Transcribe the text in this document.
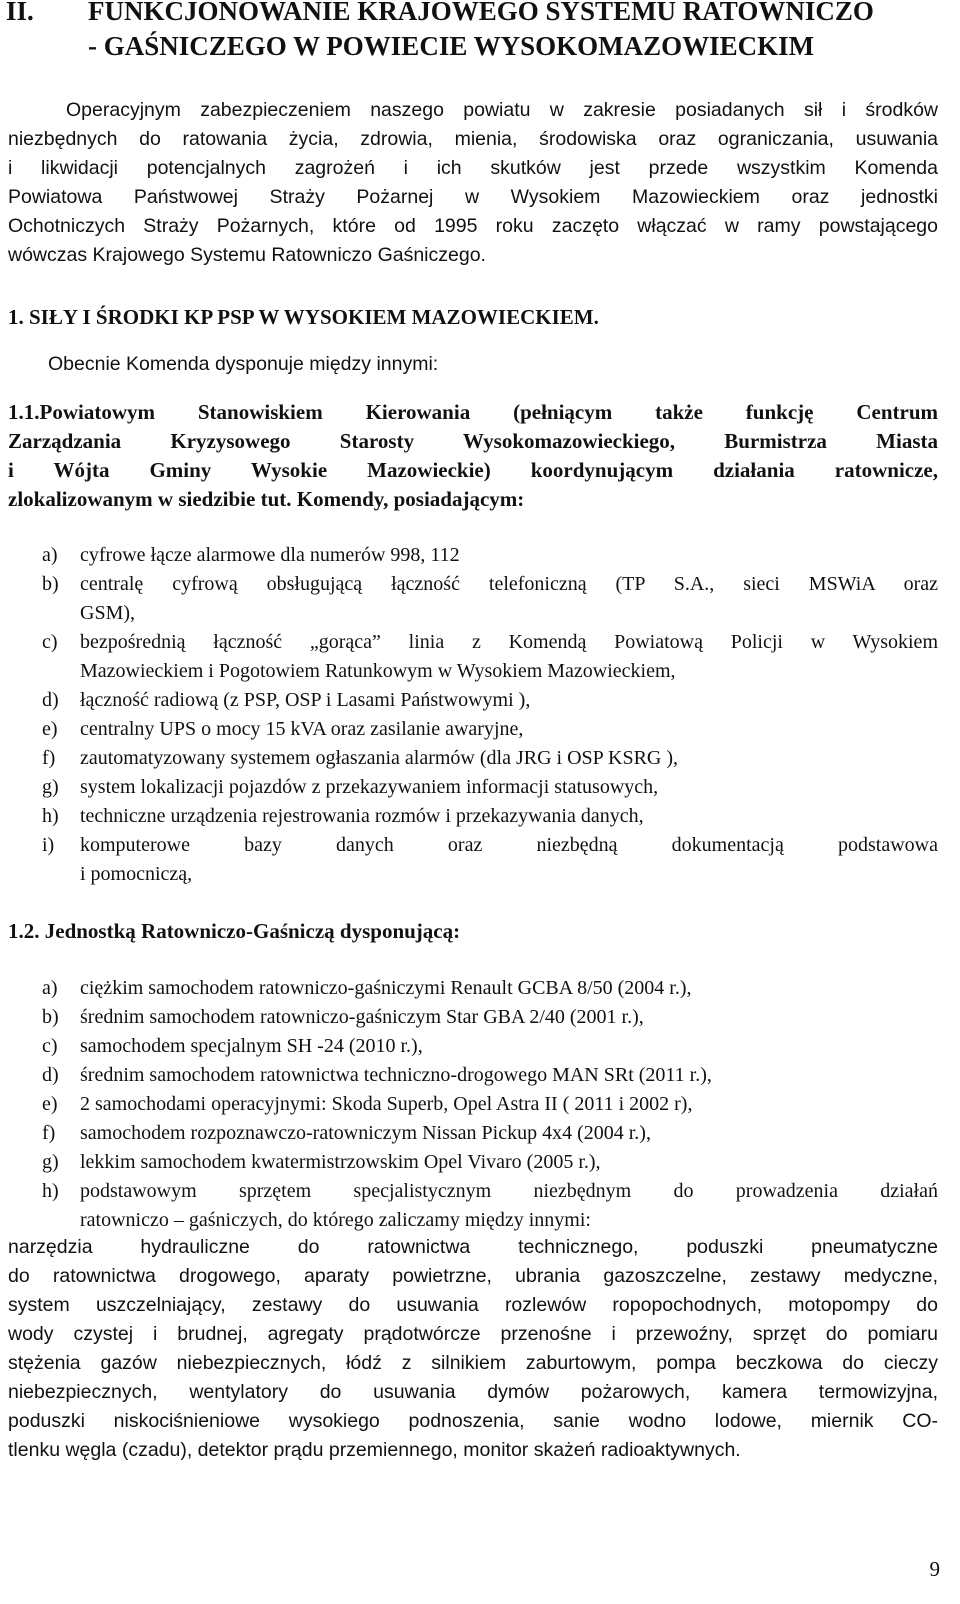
II. FUNKCJONOWANIE KRAJOWEGO SYSTEMU RATOWNICZO
- GAŚNICZEGO W POWIECIE WYSOKOMAZOWIECKIM
Operacyjnym zabezpieczeniem naszego powiatu w zakresie posiadanych sił i środków
niezbędnych do ratowania życia, zdrowia, mienia, środowiska oraz ograniczania, usuwania
i likwidacji potencjalnych zagrożeń i ich skutków jest przede wszystkim Komenda
Powiatowa Państwowej Straży Pożarnej w Wysokiem Mazowieckiem oraz jednostki
Ochotniczych Straży Pożarnych, które od 1995 roku zaczęto włączać w ramy powstającego
wówczas Krajowego Systemu Ratowniczo Gaśniczego.
1. SIŁY I ŚRODKI KP PSP W WYSOKIEM MAZOWIECKIEM.
Obecnie Komenda dysponuje między innymi:
1.1.Powiatowym Stanowiskiem Kierowania (pełniącym także funkcję Centrum
Zarządzania Kryzysowego Starosty Wysokomazowieckiego, Burmistrza Miasta
i Wójta Gminy Wysokie Mazowieckie) koordynującym działania ratownicze,
zlokalizowanym w siedzibie tut. Komendy, posiadającym:
a)	cyfrowe łącze alarmowe dla numerów 998, 112
b)	centralę cyfrową obsługującą łączność telefoniczną (TP S.A., sieci MSWiA oraz
GSM),
c)	bezpośrednią łączność „gorąca” linia z Komendą Powiatową Policji w Wysokiem
Mazowieckiem i Pogotowiem Ratunkowym w Wysokiem Mazowieckiem,
d)	łączność radiową (z PSP, OSP i Lasami Państwowymi ),
e)	centralny UPS o mocy 15 kVA oraz zasilanie awaryjne,
f)	zautomatyzowany systemem ogłaszania alarmów (dla JRG i OSP KSRG ),
g)	system lokalizacji pojazdów z przekazywaniem informacji statusowych,
h)	techniczne urządzenia rejestrowania rozmów i przekazywania danych,
i)	komputerowe bazy danych oraz niezbędną dokumentacją podstawowa
i pomocniczą,
1.2. Jednostką Ratowniczo-Gaśniczą dysponującą:
a)	ciężkim samochodem ratowniczo-gaśniczymi Renault GCBA 8/50 (2004 r.),
b)	średnim samochodem ratowniczo-gaśniczym Star GBA 2/40 (2001 r.),
c)	samochodem specjalnym SH -24 (2010 r.),
d)	średnim samochodem ratownictwa techniczno-drogowego MAN SRt (2011 r.),
e)	2 samochodami operacyjnymi: Skoda Superb, Opel Astra II ( 2011 i 2002 r),
f)	samochodem rozpoznawczo-ratowniczym Nissan Pickup 4x4 (2004 r.),
g)	lekkim samochodem kwatermistrzowskim Opel Vivaro (2005 r.),
h)	podstawowym sprzętem specjalistycznym niezbędnym do prowadzenia działań
ratowniczo – gaśniczych, do którego zaliczamy między innymi:
narzędzia hydrauliczne do ratownictwa technicznego, poduszki pneumatyczne
do ratownictwa drogowego, aparaty powietrzne, ubrania gazoszczelne, zestawy medyczne,
system uszczelniający, zestawy do usuwania rozlewów ropopochodnych, motopompy do
wody czystej i brudnej, agregaty prądotwórcze przenośne i przewoźny, sprzęt do pomiaru
stężenia gazów niebezpiecznych, łódź z silnikiem zaburtowym, pompa beczkowa do cieczy
niebezpiecznych, wentylatory do usuwania dymów pożarowych, kamera termowizyjna,
poduszki niskociśnieniowe wysokiego podnoszenia, sanie wodno lodowe, miernik CO-
tlenku węgla (czadu), detektor prądu przemiennego, monitor skażeń radioaktywnych.
9
